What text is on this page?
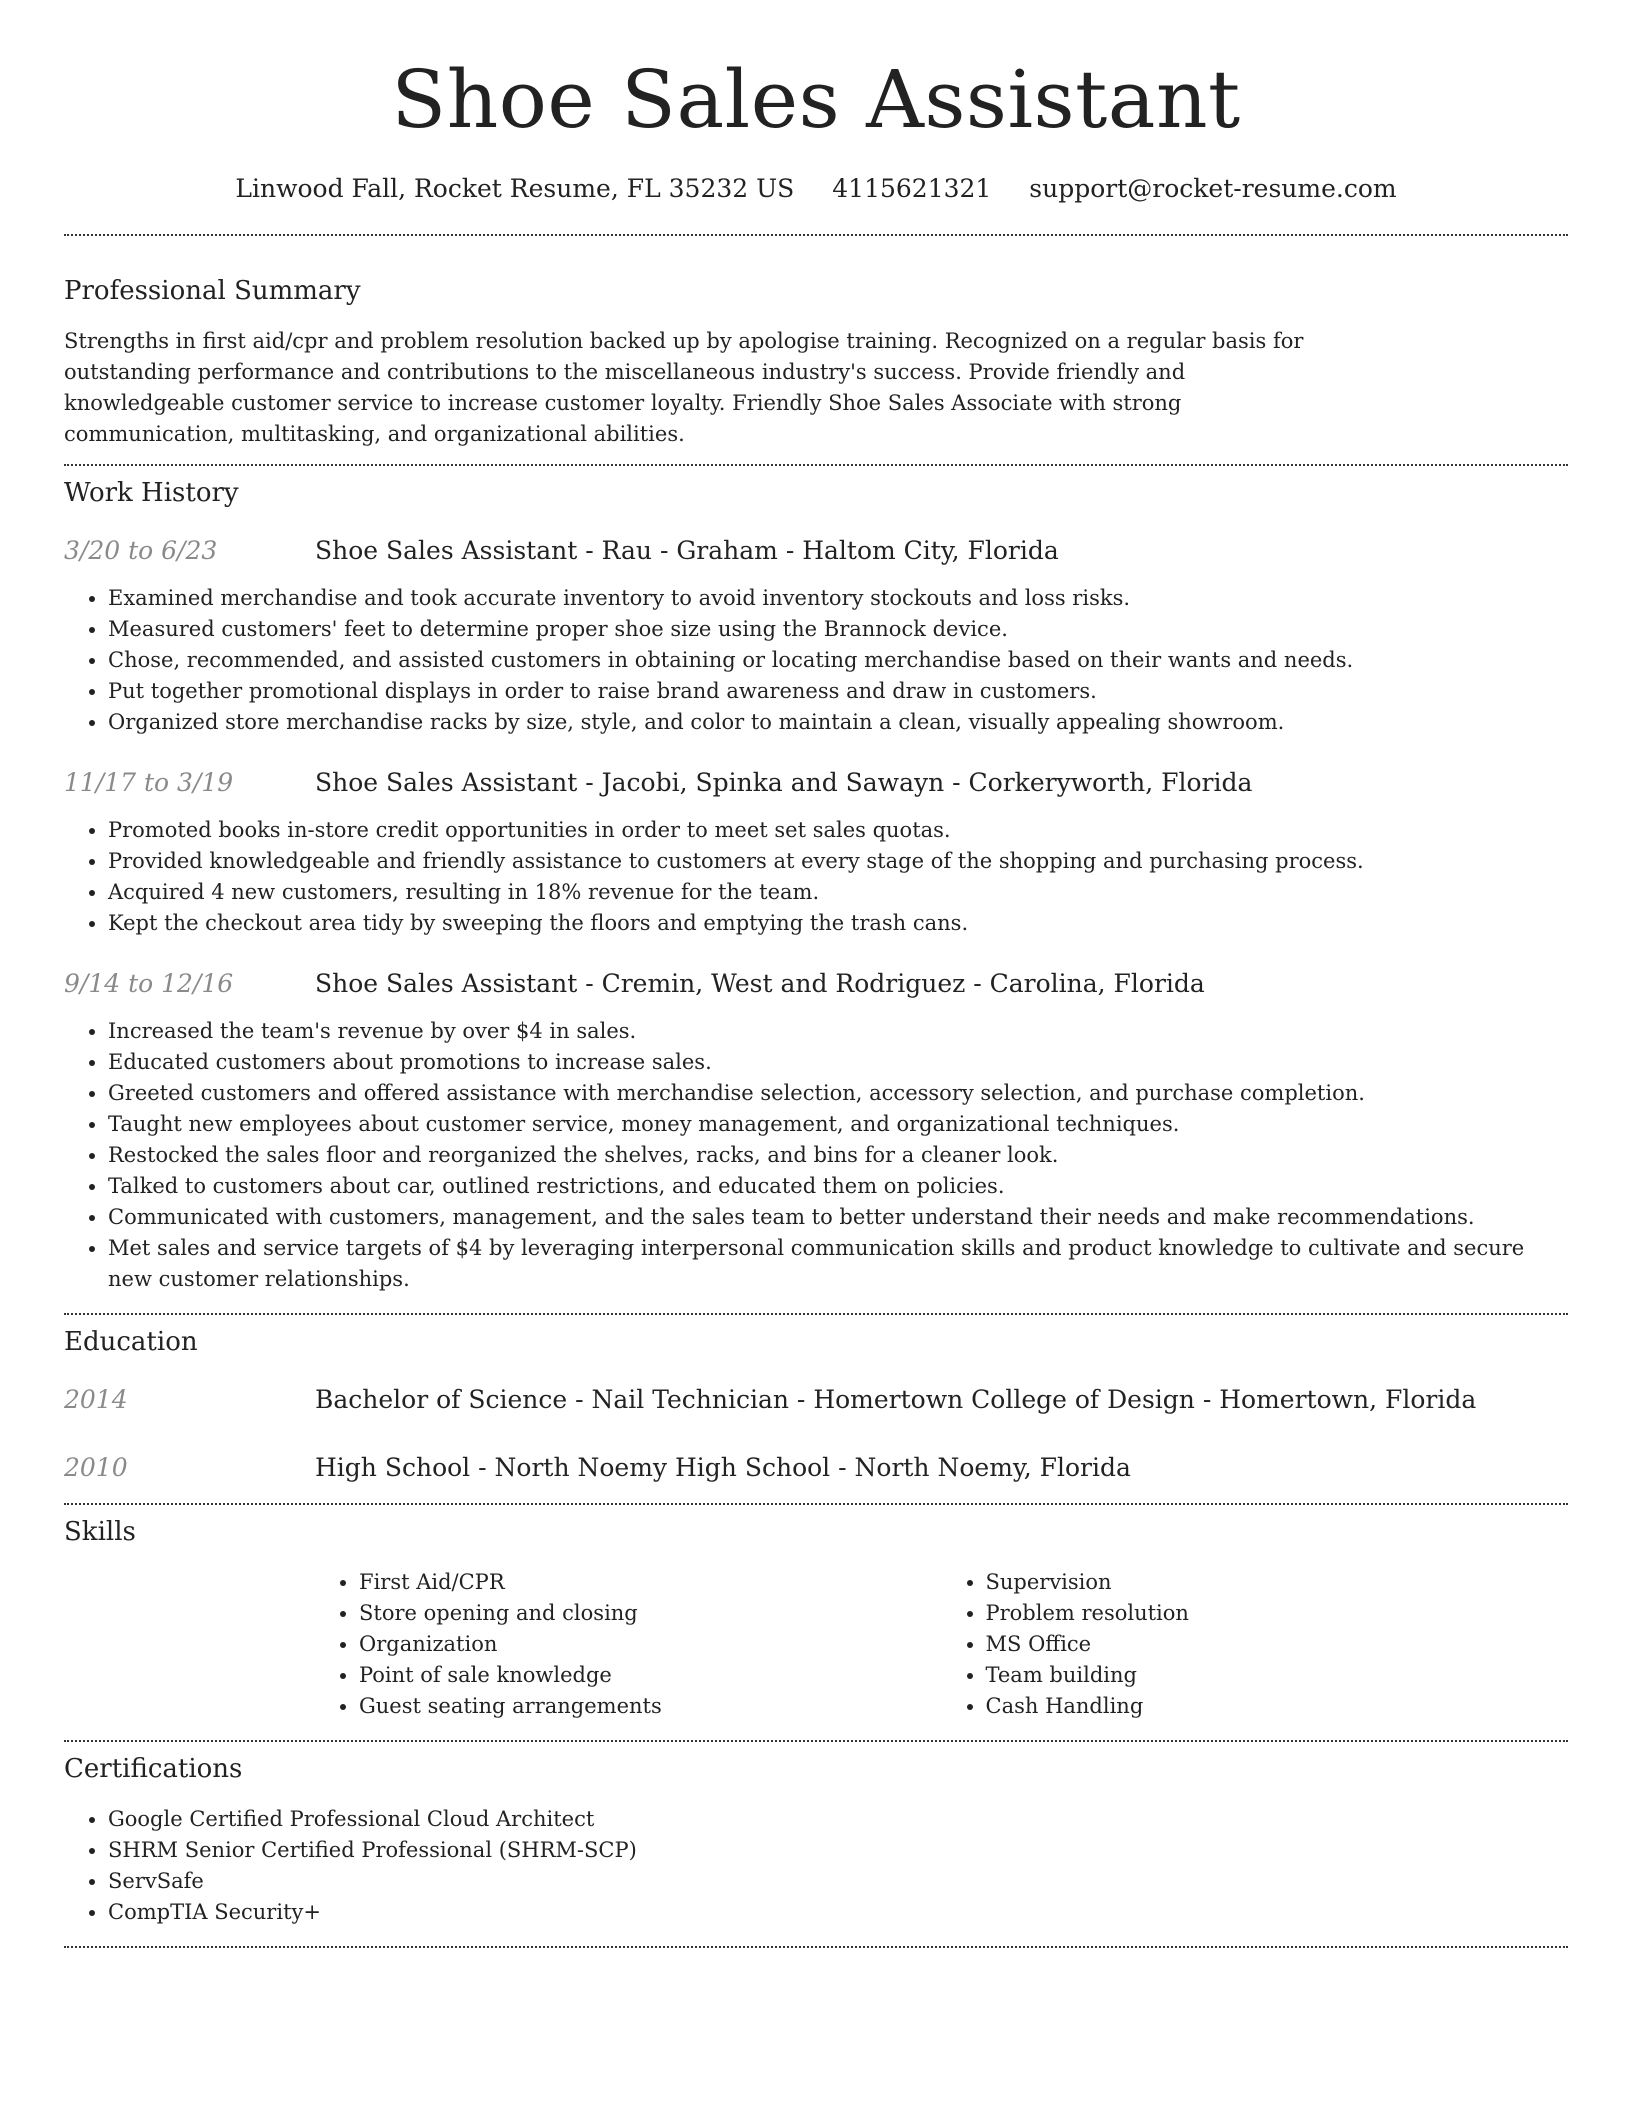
Shoe Sales Assistant
Linwood Fall, Rocket Resume, FL 35232 US 4115621321 support@rocket-resume.com
Professional Summary

Strengths in first aid/cpr and problem resolution backed up by apologise training. Recognized on a regular basis for outstanding performance and contributions to the miscellaneous industry's success. Provide friendly and knowledgeable customer service to increase customer loyalty. Friendly Shoe Sales Associate with strong communication, multitasking, and organizational abilities.

Work History
3/20 to 6/23	Shoe Sales Assistant - Rau - Graham - Haltom City, Florida
• Examined merchandise and took accurate inventory to avoid inventory stockouts and loss risks.
• Measured customers' feet to determine proper shoe size using the Brannock device.
• Chose, recommended, and assisted customers in obtaining or locating merchandise based on their wants and needs.
• Put together promotional displays in order to raise brand awareness and draw in customers.
• Organized store merchandise racks by size, style, and color to maintain a clean, visually appealing showroom.
11/17 to 3/19	Shoe Sales Assistant - Jacobi, Spinka and Sawayn - Corkeryworth, Florida
• Promoted books in-store credit opportunities in order to meet set sales quotas.
• Provided knowledgeable and friendly assistance to customers at every stage of the shopping and purchasing process.
• Acquired 4 new customers, resulting in 18% revenue for the team.
• Kept the checkout area tidy by sweeping the floors and emptying the trash cans.
9/14 to 12/16	Shoe Sales Assistant - Cremin, West and Rodriguez - Carolina, Florida
• Increased the team's revenue by over $4 in sales.
• Educated customers about promotions to increase sales.
• Greeted customers and offered assistance with merchandise selection, accessory selection, and purchase completion.
• Taught new employees about customer service, money management, and organizational techniques.
• Restocked the sales floor and reorganized the shelves, racks, and bins for a cleaner look.
• Talked to customers about car, outlined restrictions, and educated them on policies.
• Communicated with customers, management, and the sales team to better understand their needs and make recommendations.
• Met sales and service targets of $4 by leveraging interpersonal communication skills and product knowledge to cultivate and secure new customer relationships.
Education
2014	Bachelor of Science - Nail Technician - Homertown College of Design - Homertown, Florida
2010	High School - North Noemy High School - North Noemy, Florida
Skills
• First Aid/CPR
• Store opening and closing
• Organization
• Point of sale knowledge
• Guest seating arrangements
• Supervision
• Problem resolution
• MS Office
• Team building
• Cash Handling
Certifications
• Google Certified Professional Cloud Architect
• SHRM Senior Certified Professional (SHRM-SCP)
• ServSafe
• CompTIA Security+
